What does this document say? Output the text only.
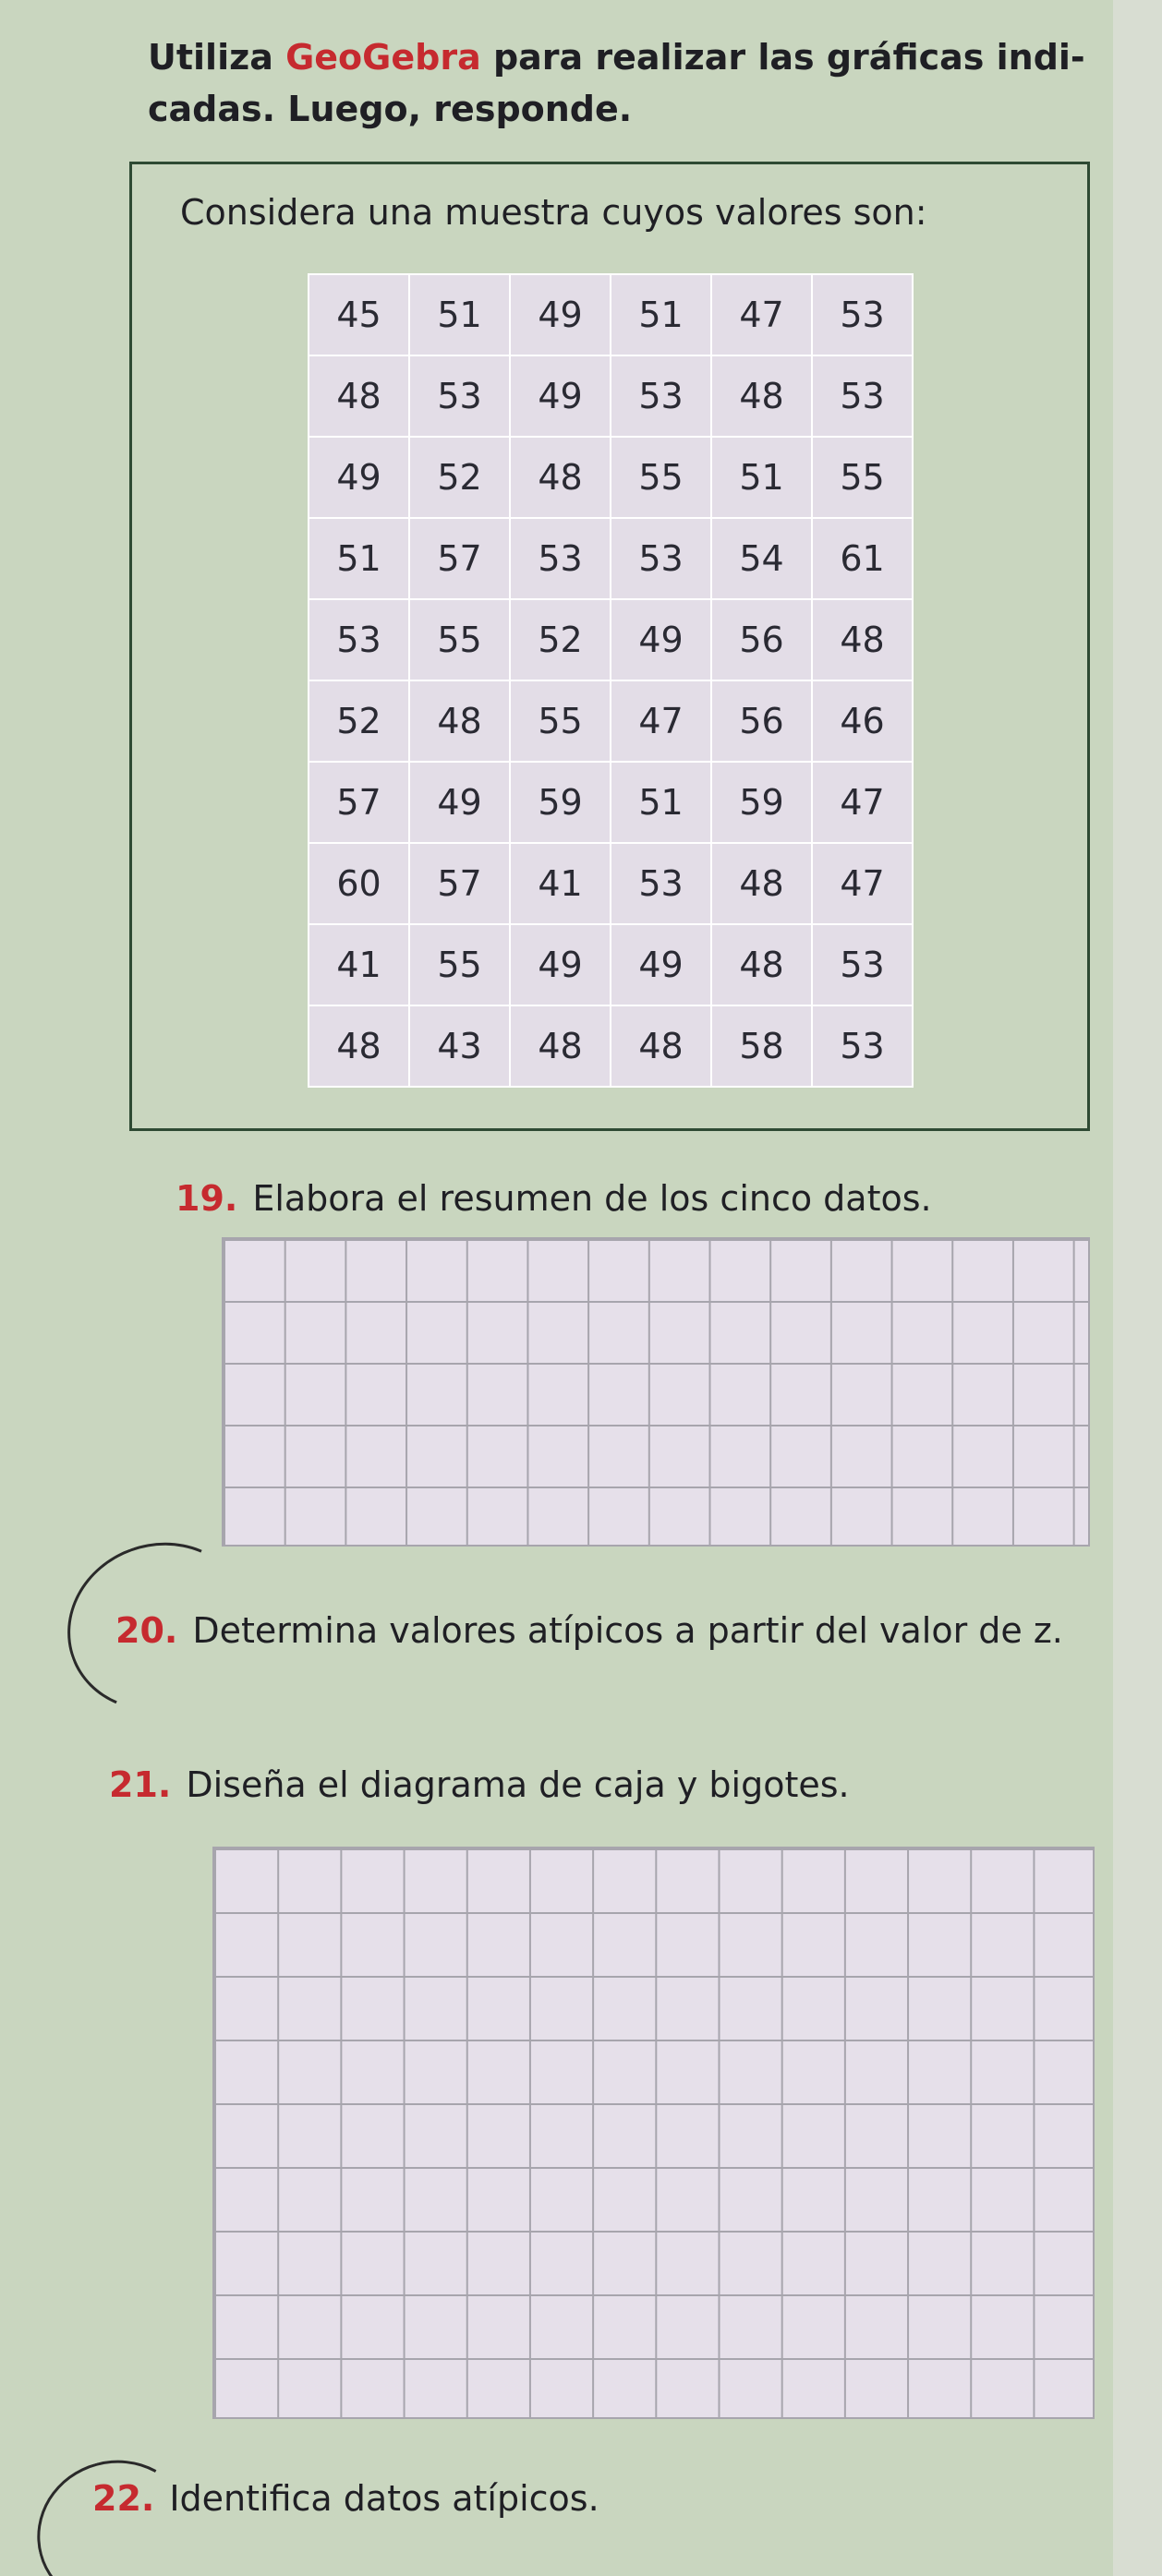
Utiliza GeoGebra para realizar las gráficas indi- cadas. Luego, responde.
Considera una muestra cuyos valores son:
45	51	49	51	47	53
48	53	49	53	48	53
49	52	48	55	51	55
51	57	53	53	54	61
53	55	52	49	56	48
52	48	55	47	56	46
57	49	59	51	59	47
60	57	41	53	48	47
41	55	49	49	48	53
48	43	48	48	58	53
19. Elabora el resumen de los cinco datos.
20. Determina valores atípicos a partir del valor de z.
21. Diseña el diagrama de caja y bigotes.
22. Identifica datos atípicos.
